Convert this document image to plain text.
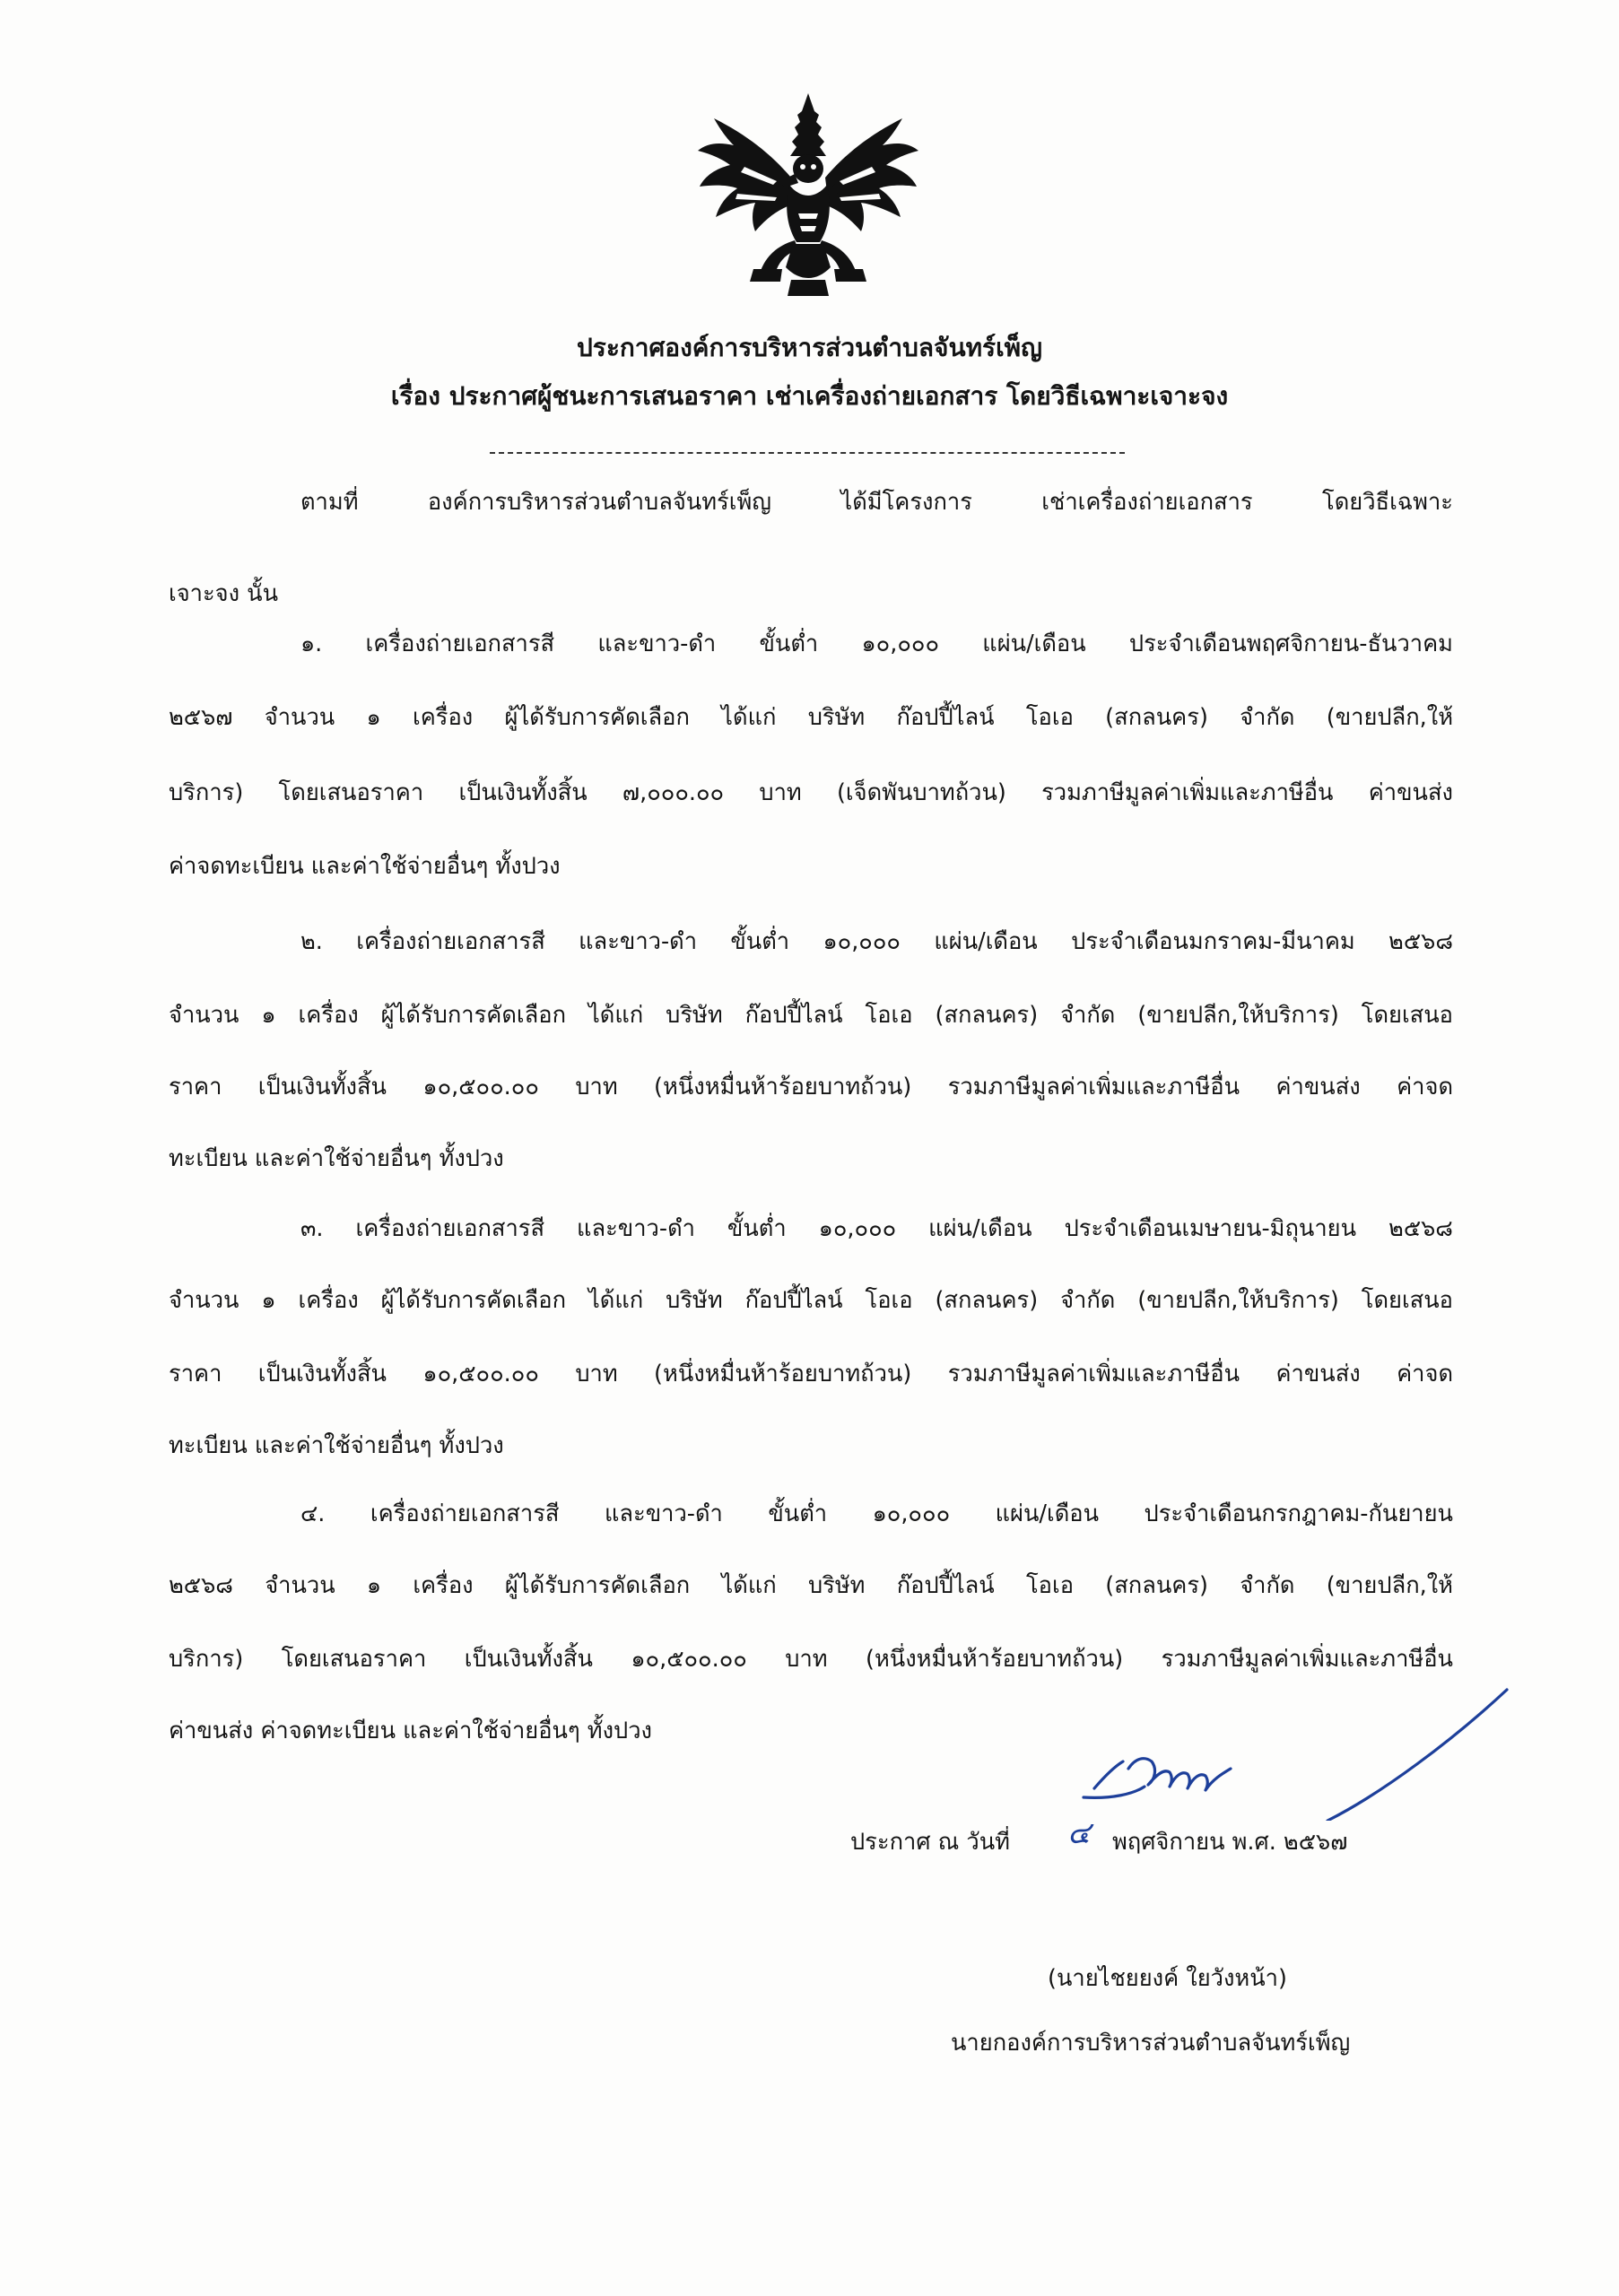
ประกาศองค์การบริหารส่วนตำบลจันทร์เพ็ญ
เรื่อง ประกาศผู้ชนะการเสนอราคา เช่าเครื่องถ่ายเอกสาร โดยวิธีเฉพาะเจาะจง
ตามที่ องค์การบริหารส่วนตำบลจันทร์เพ็ญ ได้มีโครงการ เช่าเครื่องถ่ายเอกสาร โดยวิธีเฉพาะ
เจาะจง นั้น
๑. เครื่องถ่ายเอกสารสี และขาว-ดำ ขั้นต่ำ ๑๐,๐๐๐ แผ่น/เดือน ประจำเดือนพฤศจิกายน-ธันวาคม
๒๕๖๗ จำนวน ๑ เครื่อง ผู้ได้รับการคัดเลือก ได้แก่ บริษัท ก๊อปปี้ไลน์ โอเอ (สกลนคร) จำกัด (ขายปลีก,ให้
บริการ) โดยเสนอราคา เป็นเงินทั้งสิ้น ๗,๐๐๐.๐๐ บาท (เจ็ดพันบาทถ้วน) รวมภาษีมูลค่าเพิ่มและภาษีอื่น ค่าขนส่ง
ค่าจดทะเบียน และค่าใช้จ่ายอื่นๆ ทั้งปวง
๒. เครื่องถ่ายเอกสารสี และขาว-ดำ ขั้นต่ำ ๑๐,๐๐๐ แผ่น/เดือน ประจำเดือนมกราคม-มีนาคม ๒๕๖๘
จำนวน ๑ เครื่อง ผู้ได้รับการคัดเลือก ได้แก่ บริษัท ก๊อปปี้ไลน์ โอเอ (สกลนคร) จำกัด (ขายปลีก,ให้บริการ) โดยเสนอ
ราคา เป็นเงินทั้งสิ้น ๑๐,๕๐๐.๐๐ บาท (หนึ่งหมื่นห้าร้อยบาทถ้วน) รวมภาษีมูลค่าเพิ่มและภาษีอื่น ค่าขนส่ง ค่าจด
ทะเบียน และค่าใช้จ่ายอื่นๆ ทั้งปวง
๓. เครื่องถ่ายเอกสารสี และขาว-ดำ ขั้นต่ำ ๑๐,๐๐๐ แผ่น/เดือน ประจำเดือนเมษายน-มิถุนายน ๒๕๖๘
จำนวน ๑ เครื่อง ผู้ได้รับการคัดเลือก ได้แก่ บริษัท ก๊อปปี้ไลน์ โอเอ (สกลนคร) จำกัด (ขายปลีก,ให้บริการ) โดยเสนอ
ราคา เป็นเงินทั้งสิ้น ๑๐,๕๐๐.๐๐ บาท (หนึ่งหมื่นห้าร้อยบาทถ้วน) รวมภาษีมูลค่าเพิ่มและภาษีอื่น ค่าขนส่ง ค่าจด
ทะเบียน และค่าใช้จ่ายอื่นๆ ทั้งปวง
๔. เครื่องถ่ายเอกสารสี และขาว-ดำ ขั้นต่ำ ๑๐,๐๐๐ แผ่น/เดือน ประจำเดือนกรกฎาคม-กันยายน
๒๕๖๘ จำนวน ๑ เครื่อง ผู้ได้รับการคัดเลือก ได้แก่ บริษัท ก๊อปปี้ไลน์ โอเอ (สกลนคร) จำกัด (ขายปลีก,ให้
บริการ) โดยเสนอราคา เป็นเงินทั้งสิ้น ๑๐,๕๐๐.๐๐ บาท (หนึ่งหมื่นห้าร้อยบาทถ้วน) รวมภาษีมูลค่าเพิ่มและภาษีอื่น
ค่าขนส่ง ค่าจดทะเบียน และค่าใช้จ่ายอื่นๆ ทั้งปวง
ประกาศ ณ วันที่ ๔ พฤศจิกายน พ.ศ. ๒๕๖๗
(นายไชยยงค์ ใยวังหน้า)
นายกองค์การบริหารส่วนตำบลจันทร์เพ็ญ
